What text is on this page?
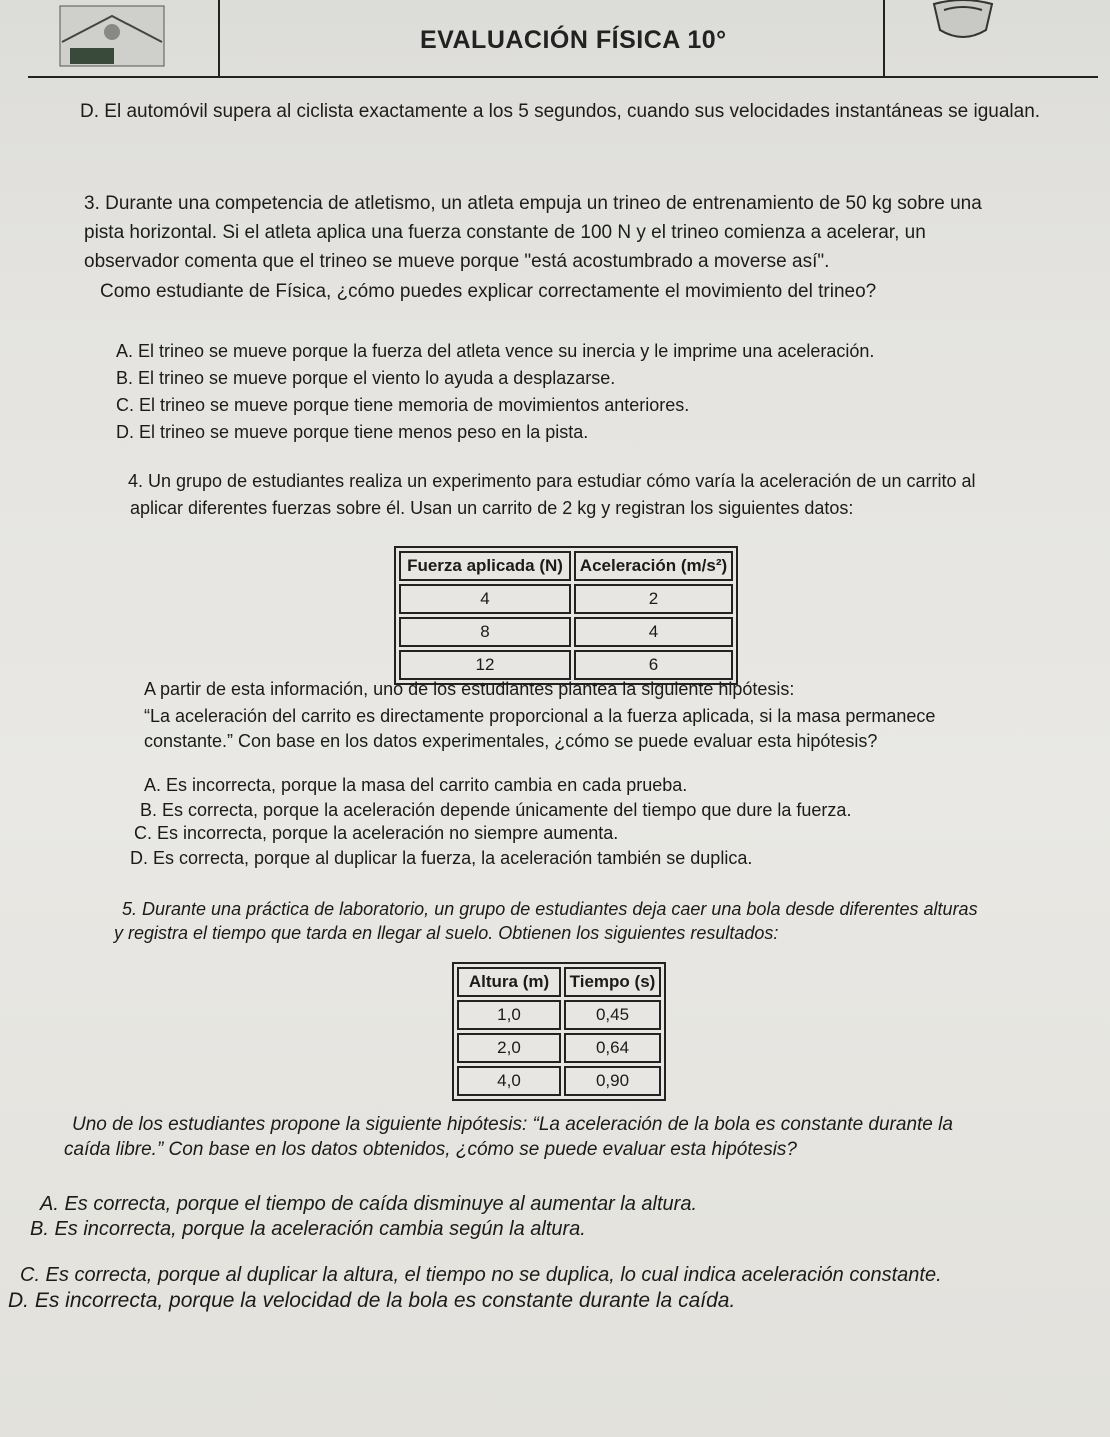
EVALUACIÓN FÍSICA 10°
D. El automóvil supera al ciclista exactamente a los 5 segundos, cuando sus velocidades instantáneas se igualan.
3. Durante una competencia de atletismo, un atleta empuja un trineo de entrenamiento de 50 kg sobre una
pista horizontal. Si el atleta aplica una fuerza constante de 100 N y el trineo comienza a acelerar, un
observador comenta que el trineo se mueve porque "está acostumbrado a moverse así".
Como estudiante de Física, ¿cómo puedes explicar correctamente el movimiento del trineo?
A. El trineo se mueve porque la fuerza del atleta vence su inercia y le imprime una aceleración.
B. El trineo se mueve porque el viento lo ayuda a desplazarse.
C. El trineo se mueve porque tiene memoria de movimientos anteriores.
D. El trineo se mueve porque tiene menos peso en la pista.
4. Un grupo de estudiantes realiza un experimento para estudiar cómo varía la aceleración de un carrito al
aplicar diferentes fuerzas sobre él. Usan un carrito de 2 kg y registran los siguientes datos:
Fuerza aplicada (N)	Aceleración (m/s²)
4	2
8	4
12	6
A partir de esta información, uno de los estudiantes plantea la siguiente hipótesis:
“La aceleración del carrito es directamente proporcional a la fuerza aplicada, si la masa permanece
constante.” Con base en los datos experimentales, ¿cómo se puede evaluar esta hipótesis?
A. Es incorrecta, porque la masa del carrito cambia en cada prueba.
B. Es correcta, porque la aceleración depende únicamente del tiempo que dure la fuerza.
C. Es incorrecta, porque la aceleración no siempre aumenta.
D. Es correcta, porque al duplicar la fuerza, la aceleración también se duplica.
5. Durante una práctica de laboratorio, un grupo de estudiantes deja caer una bola desde diferentes alturas
y registra el tiempo que tarda en llegar al suelo. Obtienen los siguientes resultados:
Altura (m)	Tiempo (s)
1,0	0,45
2,0	0,64
4,0	0,90
Uno de los estudiantes propone la siguiente hipótesis: “La aceleración de la bola es constante durante la
caída libre.” Con base en los datos obtenidos, ¿cómo se puede evaluar esta hipótesis?
A. Es correcta, porque el tiempo de caída disminuye al aumentar la altura.
B. Es incorrecta, porque la aceleración cambia según la altura.
C. Es correcta, porque al duplicar la altura, el tiempo no se duplica, lo cual indica aceleración constante.
D. Es incorrecta, porque la velocidad de la bola es constante durante la caída.
